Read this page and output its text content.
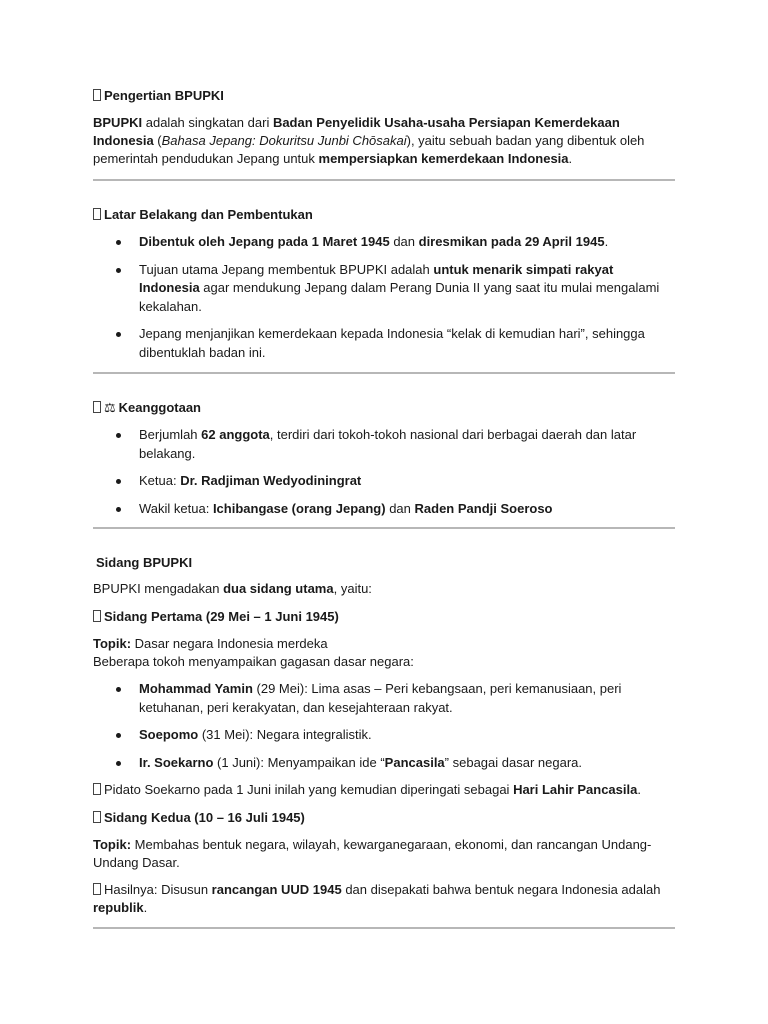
Pengertian BPUPKI

BPUPKI adalah singkatan dari Badan Penyelidik Usaha-usaha Persiapan Kemerdekaan Indonesia (Bahasa Jepang: Dokuritsu Junbi Chōsakai), yaitu sebuah badan yang dibentuk oleh pemerintah pendudukan Jepang untuk mempersiapkan kemerdekaan Indonesia.

Latar Belakang dan Pembentukan
Dibentuk oleh Jepang pada 1 Maret 1945 dan diresmikan pada 29 April 1945.
Tujuan utama Jepang membentuk BPUPKI adalah untuk menarik simpati rakyat Indonesia agar mendukung Jepang dalam Perang Dunia II yang saat itu mulai mengalami kekalahan.
Jepang menjanjikan kemerdekaan kepada Indonesia “kelak di kemudian hari”, sehingga dibentuklah badan ini.
⚖ Keanggotaan
Berjumlah 62 anggota, terdiri dari tokoh-tokoh nasional dari berbagai daerah dan latar belakang.
Ketua: Dr. Radjiman Wedyodiningrat
Wakil ketua: Ichibangase (orang Jepang) dan Raden Pandji Soeroso
Sidang BPUPKI

BPUPKI mengadakan dua sidang utama, yaitu:

Sidang Pertama (29 Mei – 1 Juni 1945)

Topik: Dasar negara Indonesia merdeka
Beberapa tokoh menyampaikan gagasan dasar negara:

Mohammad Yamin (29 Mei): Lima asas – Peri kebangsaan, peri kemanusiaan, peri ketuhanan, peri kerakyatan, dan kesejahteraan rakyat.
Soepomo (31 Mei): Negara integralistik.
Ir. Soekarno (1 Juni): Menyampaikan ide “Pancasila” sebagai dasar negara.

Pidato Soekarno pada 1 Juni inilah yang kemudian diperingati sebagai Hari Lahir Pancasila.

Sidang Kedua (10 – 16 Juli 1945)

Topik: Membahas bentuk negara, wilayah, kewarganegaraan, ekonomi, dan rancangan Undang-Undang Dasar.

Hasilnya: Disusun rancangan UUD 1945 dan disepakati bahwa bentuk negara Indonesia adalah republik.
